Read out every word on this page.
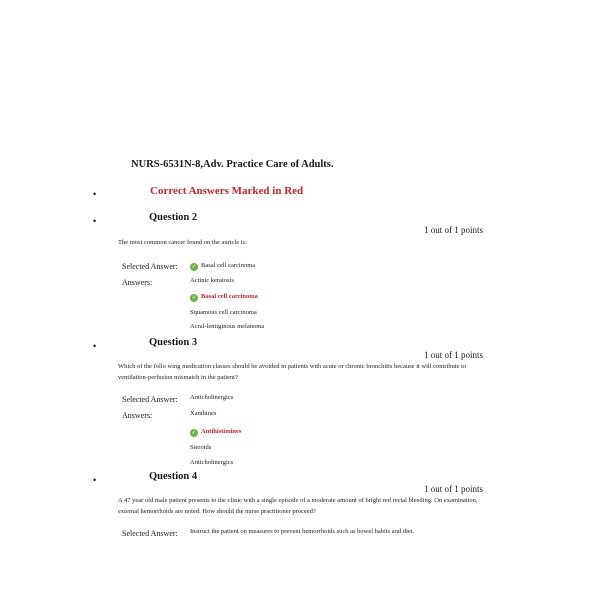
NURS-6531N-8,Adv. Practice Care of Adults.
•	Correct Answers Marked in Red
•	Question 2
1 out of 1 points
The most common cancer found on the auricle is:
Selected Answer: ✓ Basal cell carcinoma
Answers:	Actinic keratosis
✓ Basal cell carcinoma
Squamous cell carcinoma
Acral-lentiginous melanoma
•	Question 3
1 out of 1 points
Which of the follo wing medication classes should be avoided in patients with acute or chronic bronchitis because it will contribute to ventilation-perfusion mismatch in the patient?
Selected Answer: Anticholinergics
Answers:	Xanthines
✓ Antihistimines
Steroids
Anticholinergics
•	Question 4
1 out of 1 points
A 47 year old male patient presents to the clinic with a single episode of a moderate amount of bright red rectal bleeding. On examination, external hemorrhoids are noted. How should the nurse practitioner proceed?
Selected Answer: Instruct the patient on measures to prevent hemorrhoids such as bowel habits and diet.
